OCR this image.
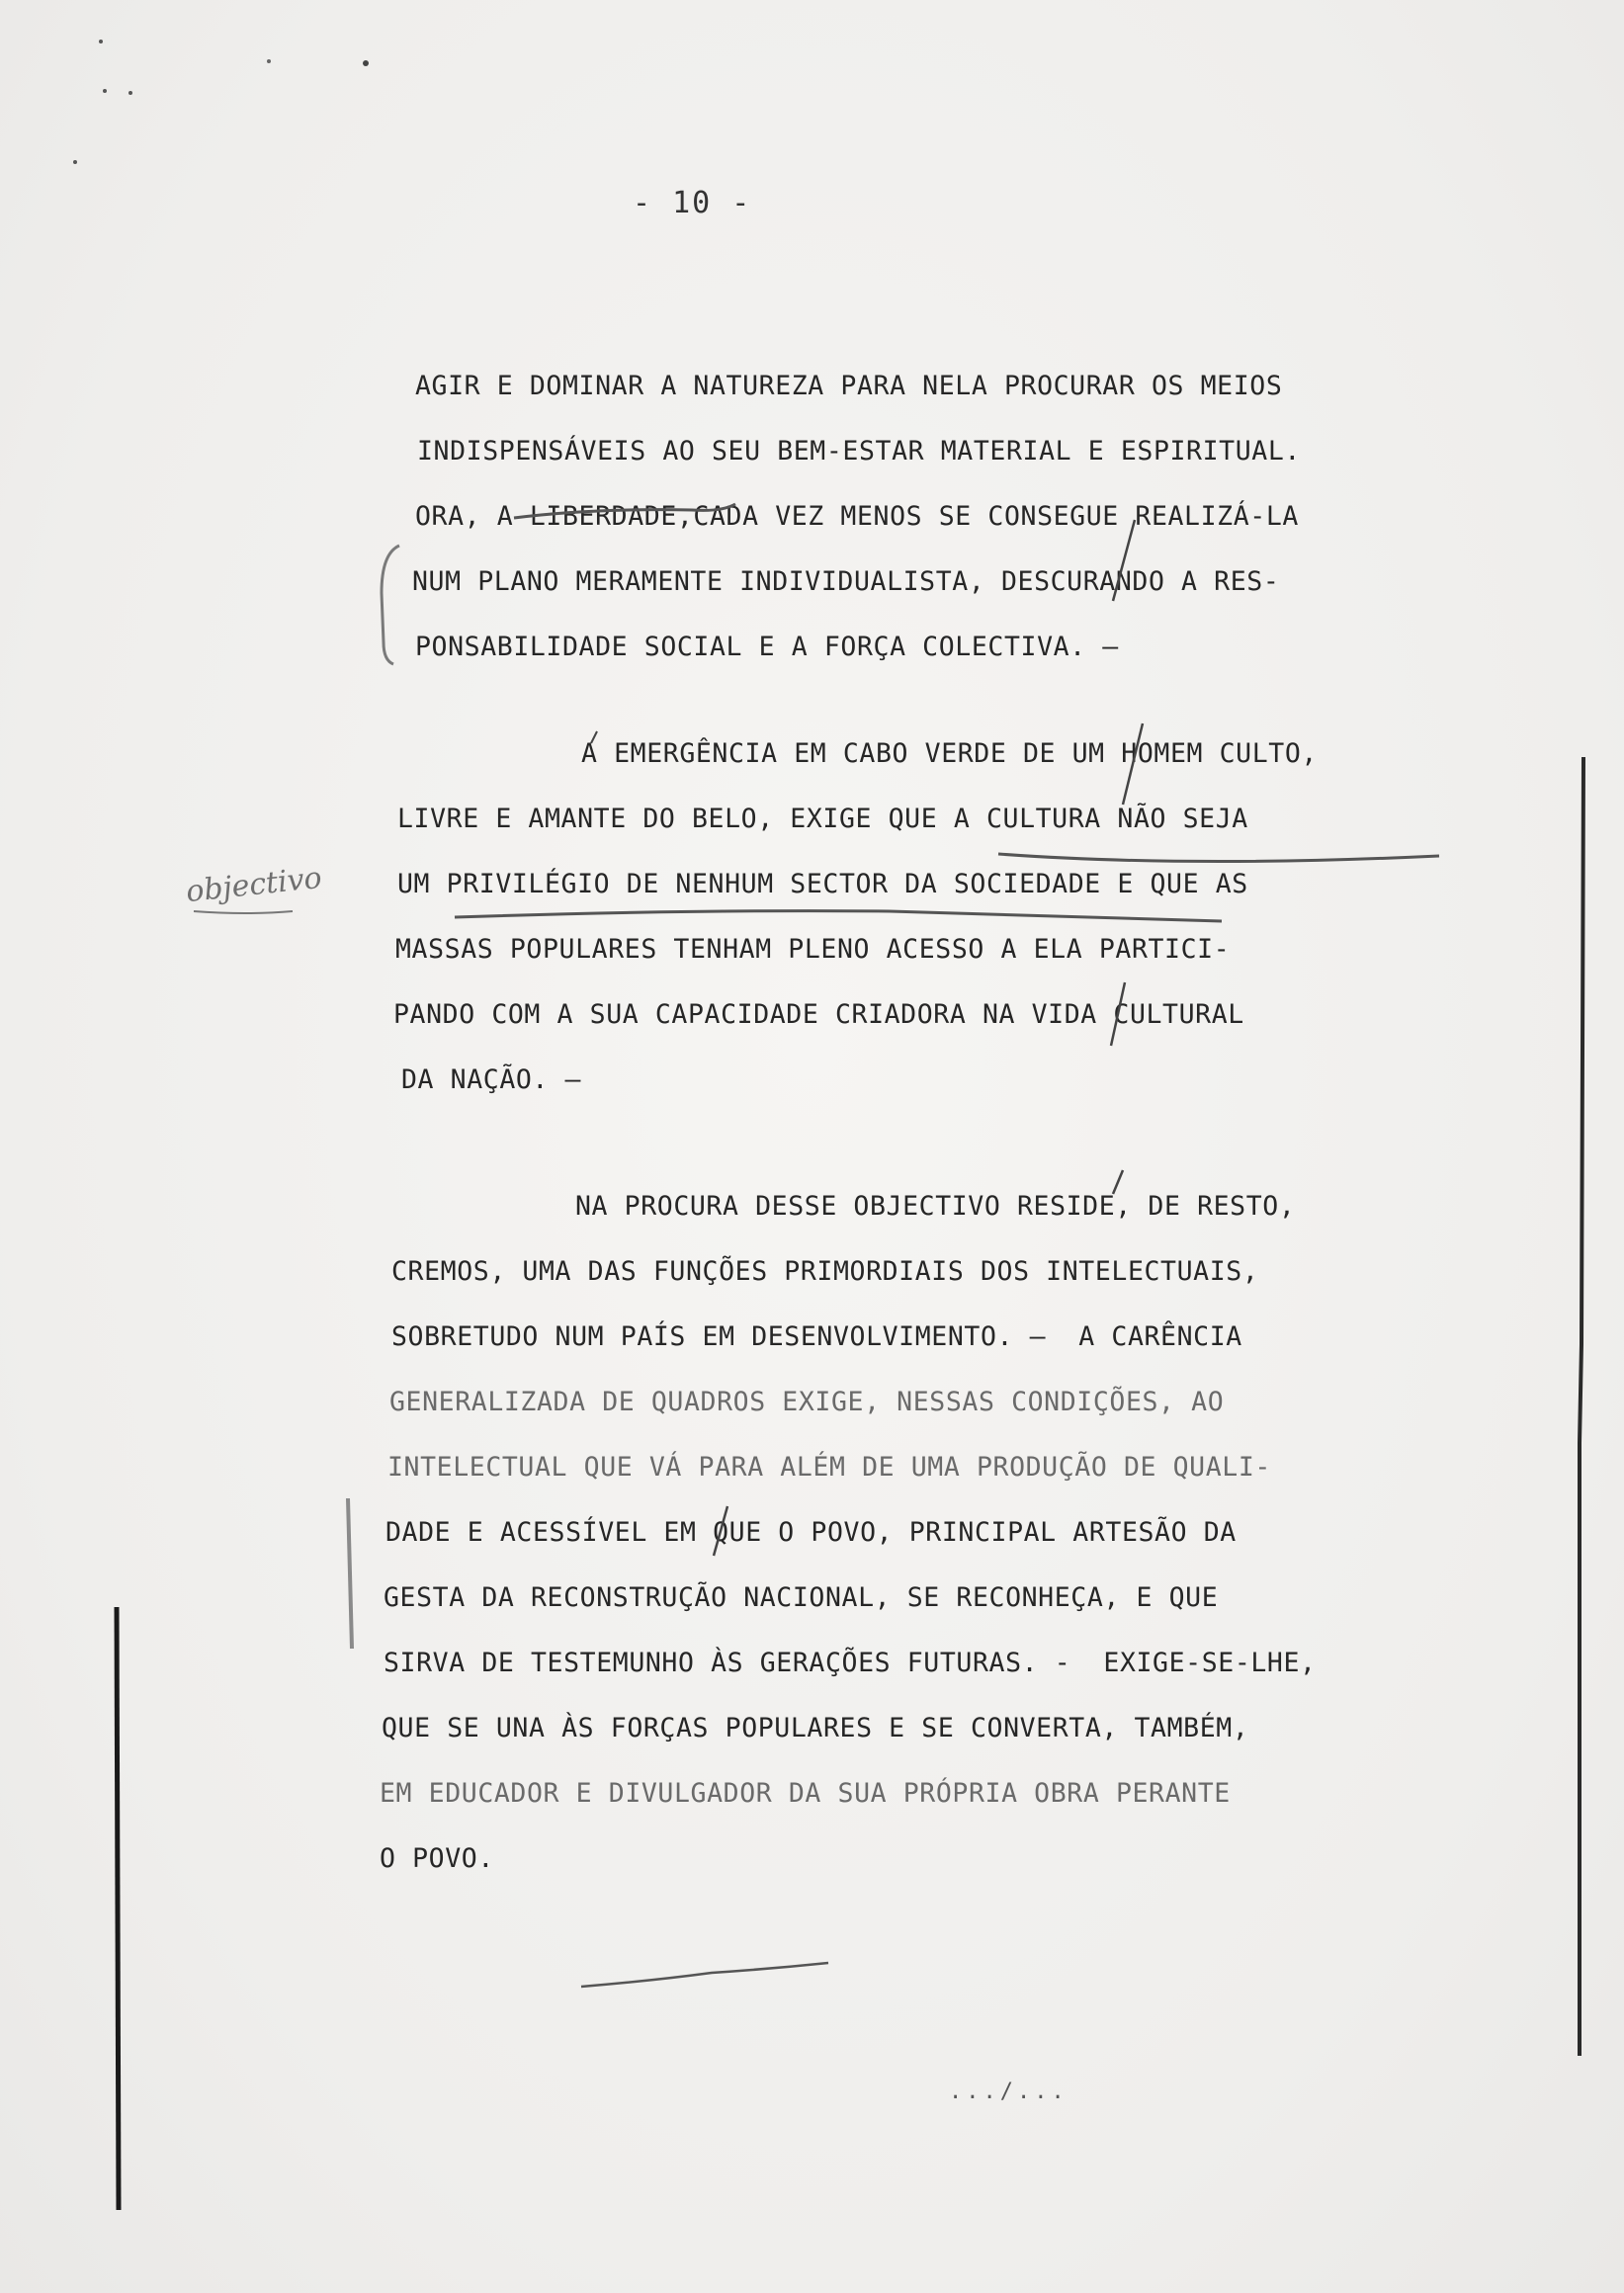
- 10 -
AGIR E DOMINAR A NATUREZA PARA NELA PROCURAR OS MEIOS
INDISPENSÁVEIS AO SEU BEM-ESTAR MATERIAL E ESPIRITUAL.
ORA, A LIBERDADE,CADA VEZ MENOS SE CONSEGUE REALIZÁ-LA
NUM PLANO MERAMENTE INDIVIDUALISTA, DESCURANDO A RES-
PONSABILIDADE SOCIAL E A FORÇA COLECTIVA. –
A EMERGÊNCIA EM CABO VERDE DE UM HOMEM CULTO,
LIVRE E AMANTE DO BELO, EXIGE QUE A CULTURA NÃO SEJA
UM PRIVILÉGIO DE NENHUM SECTOR DA SOCIEDADE E QUE AS
MASSAS POPULARES TENHAM PLENO ACESSO A ELA PARTICI-
PANDO COM A SUA CAPACIDADE CRIADORA NA VIDA CULTURAL
DA NAÇÃO. –
NA PROCURA DESSE OBJECTIVO RESIDE, DE RESTO,
CREMOS, UMA DAS FUNÇÕES PRIMORDIAIS DOS INTELECTUAIS,
SOBRETUDO NUM PAÍS EM DESENVOLVIMENTO. –  A CARÊNCIA
GENERALIZADA DE QUADROS EXIGE, NESSAS CONDIÇÕES, AO
INTELECTUAL QUE VÁ PARA ALÉM DE UMA PRODUÇÃO DE QUALI-
DADE E ACESSÍVEL EM QUE O POVO, PRINCIPAL ARTESÃO DA
GESTA DA RECONSTRUÇÃO NACIONAL, SE RECONHEÇA, E QUE
SIRVA DE TESTEMUNHO ÀS GERAÇÕES FUTURAS. -  EXIGE-SE-LHE,
QUE SE UNA ÀS FORÇAS POPULARES E SE CONVERTA, TAMBÉM,
EM EDUCADOR E DIVULGADOR DA SUA PRÓPRIA OBRA PERANTE
O POVO.
objectivo
.../...
